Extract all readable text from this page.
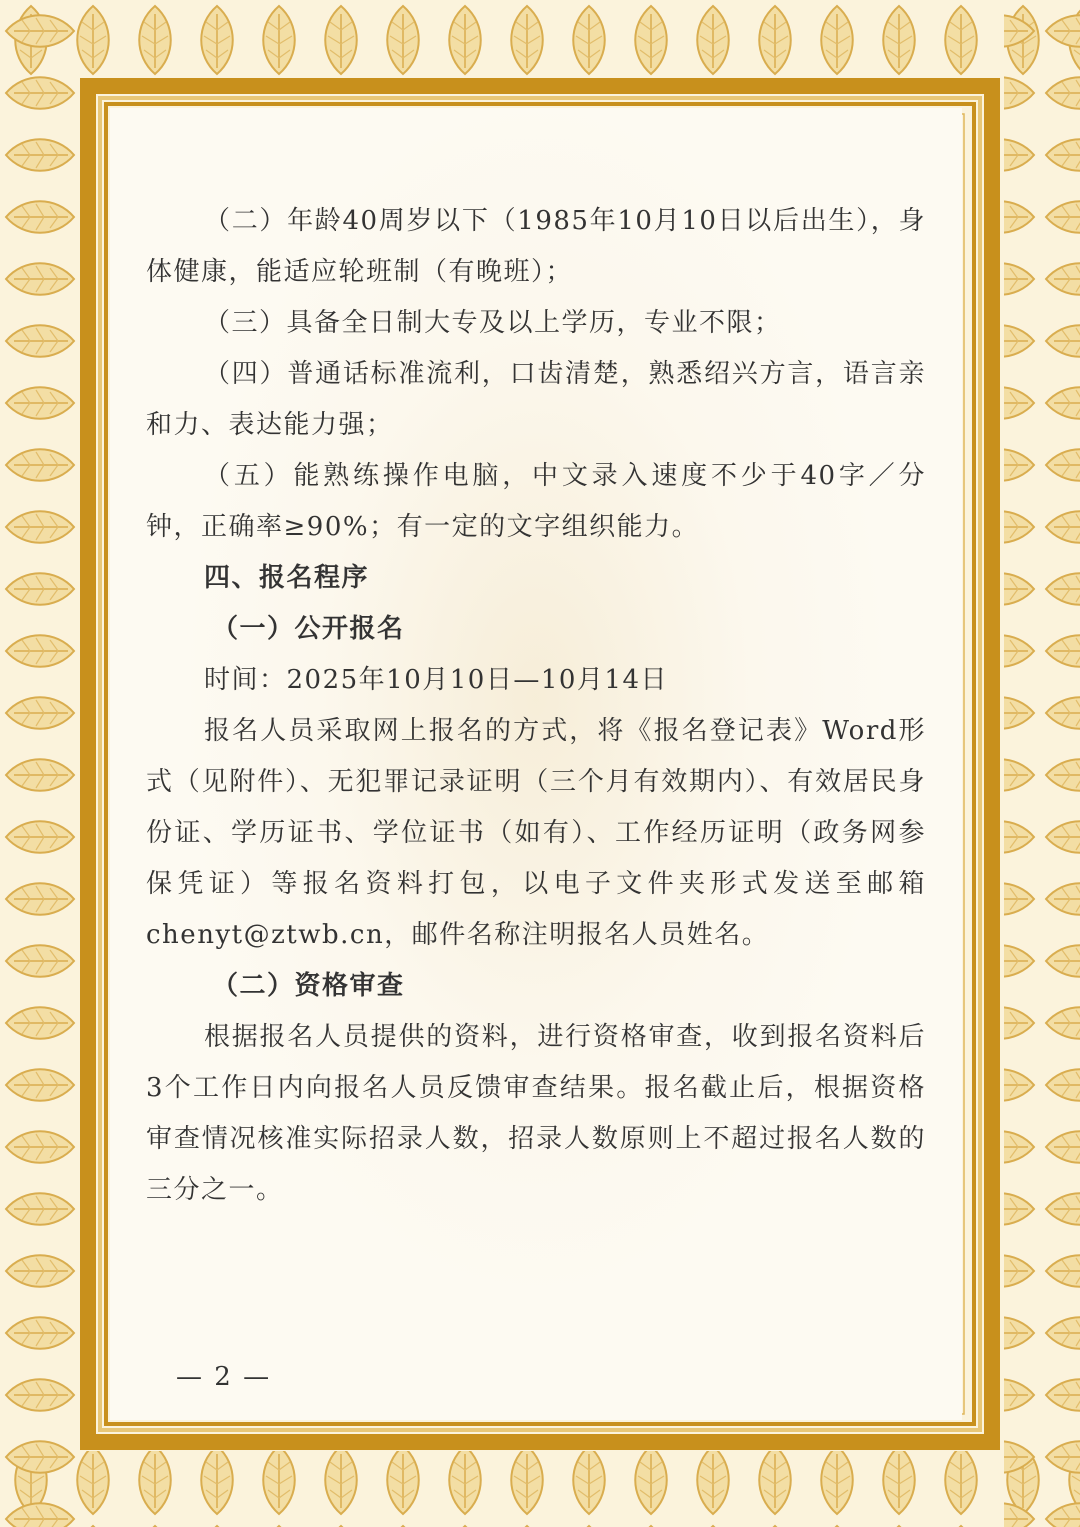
（二）年龄40周岁以下（1985年10月10日以后出生），身体健康，能适应轮班制（有晚班）；

（三）具备全日制大专及以上学历，专业不限；

（四）普通话标准流利，口齿清楚，熟悉绍兴方言，语言亲和力、表达能力强；

（五）能熟练操作电脑，中文录入速度不少于40字／分钟，正确率≥90%；有一定的文字组织能力。

四、报名程序

（一）公开报名

时间：2025年10月10日—10月14日

报名人员采取网上报名的方式，将《报名登记表》Word形式（见附件）、无犯罪记录证明（三个月有效期内）、有效居民身份证、学历证书、学位证书（如有）、工作经历证明（政务网参保凭证）等报名资料打包，以电子文件夹形式发送至邮箱chenyt@ztwb.cn，邮件名称注明报名人员姓名。

（二）资格审查

根据报名人员提供的资料，进行资格审查，收到报名资料后3个工作日内向报名人员反馈审查结果。报名截止后，根据资格审查情况核准实际招录人数，招录人数原则上不超过报名人数的三分之一。

— 2 —
